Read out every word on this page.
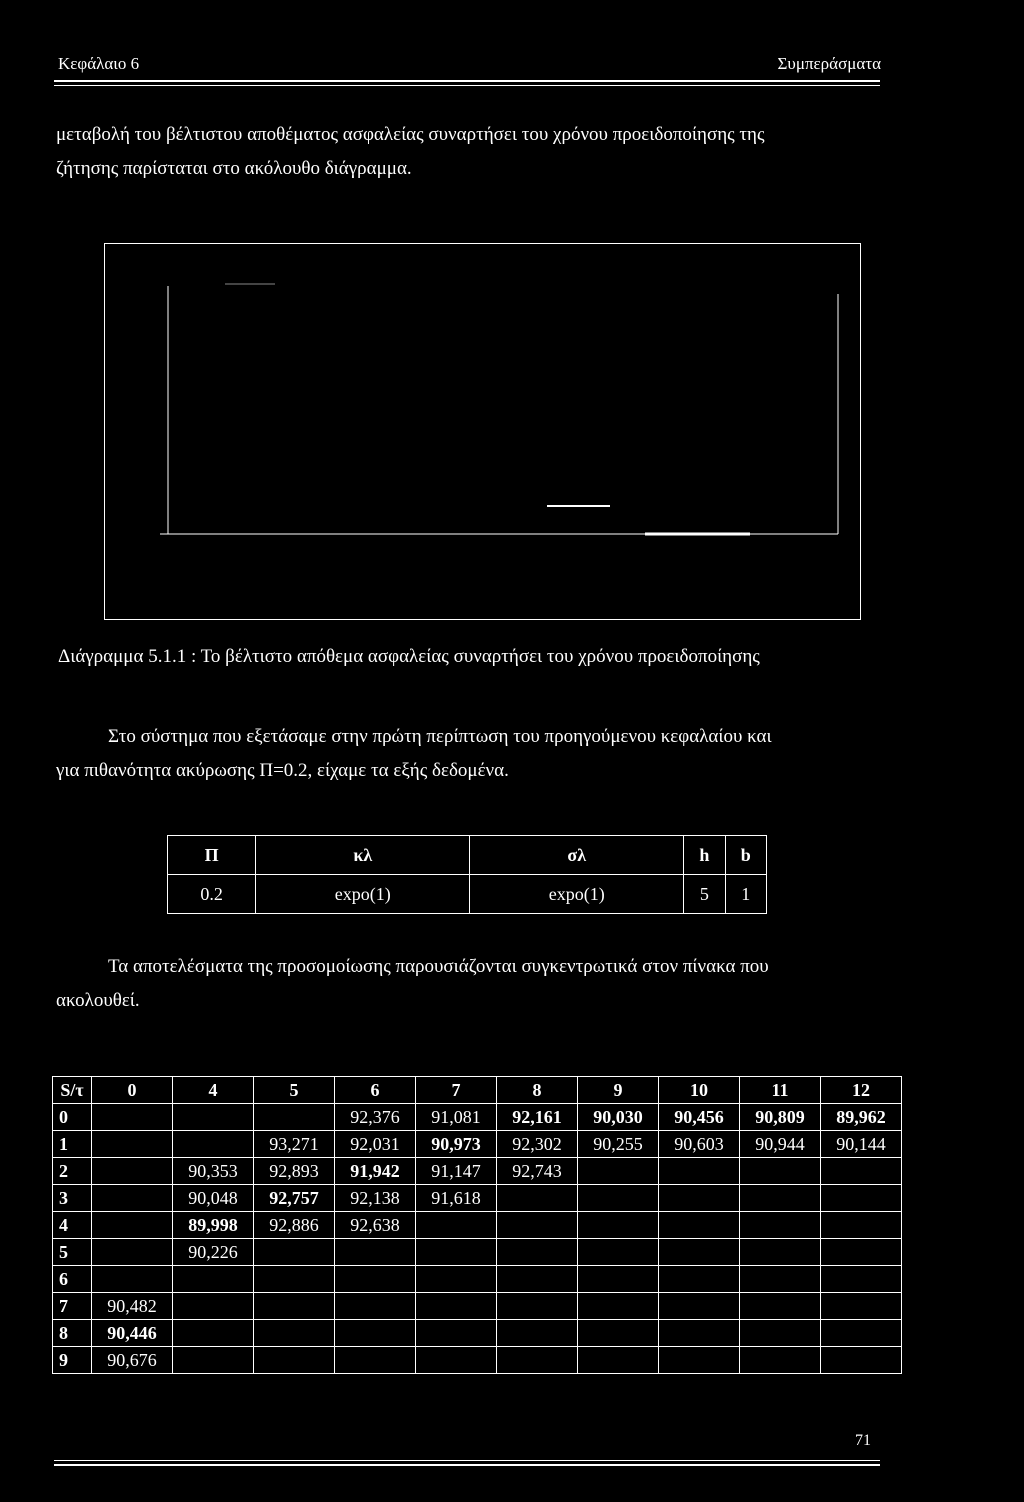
Κεφάλαιο 6	Συμπεράσματα
μεταβολή του βέλτιστου αποθέματος ασφαλείας συναρτήσει του χρόνου προειδοποίησης της
ζήτησης παρίσταται στο ακόλουθο διάγραμμα.
Διάγραμμα 5.1.1 : Το βέλτιστο απόθεμα ασφαλείας συναρτήσει του χρόνου προειδοποίησης
Στο σύστημα που εξετάσαμε στην πρώτη περίπτωση του προηγούμενου κεφαλαίου και
για πιθανότητα ακύρωσης Π=0.2, είχαμε τα εξής δεδομένα.
Π	κλ	σλ	h	b
0.2	expo(1)	expo(1)	5	1
Τα αποτελέσματα της προσομοίωσης παρουσιάζονται συγκεντρωτικά στον πίνακα που
ακολουθεί.
S/τ	0	4	5	6	7	8	9	10	11	12
0				92,376	91,081	92,161	90,030	90,456	90,809	89,962
1			93,271	92,031	90,973	92,302	90,255	90,603	90,944	90,144
2		90,353	92,893	91,942	91,147	92,743				
3		90,048	92,757	92,138	91,618					
4		89,998	92,886	92,638						
5		90,226								
6										
7	90,482									
8	90,446									
9	90,676									
71
